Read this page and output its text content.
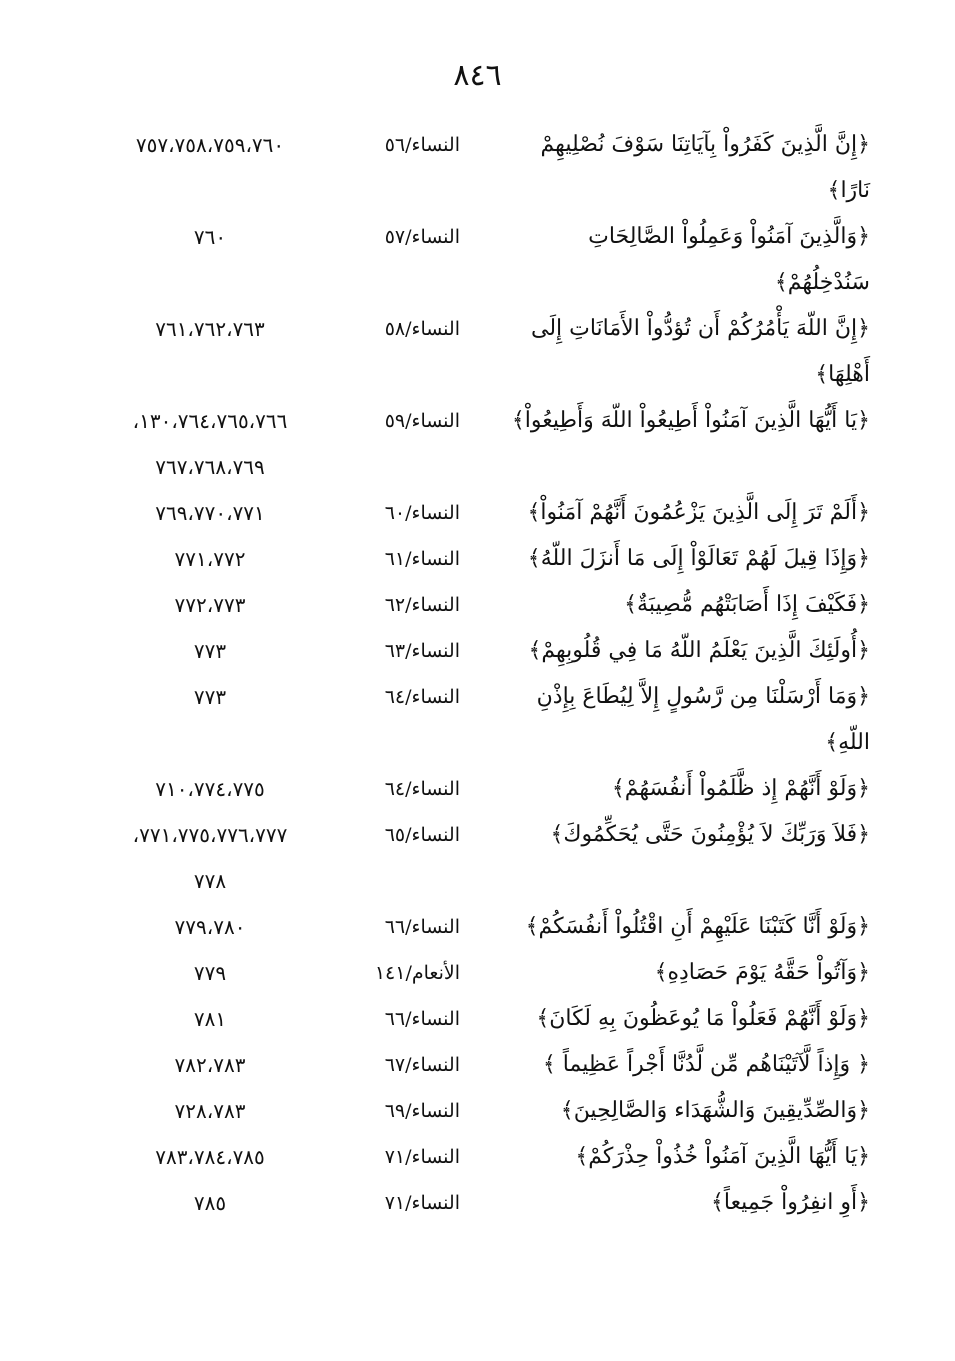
٨٤٦
﴿إِنَّ الَّذِينَ كَفَرُواْ بِآيَاتِنَا سَوْفَ نُصْلِيهِمْ
النساء/٥٦
٧٥٧،٧٥٨،٧٥٩،٧٦٠
نَارًا﴾
﴿وَالَّذِينَ آمَنُواْ وَعَمِلُواْ الصَّالِحَاتِ
النساء/٥٧
٧٦٠
سَنُدْخِلُهُمْ﴾
﴿إِنَّ اللّهَ يَأْمُرُكُمْ أَن تُؤدُّواْ الأَمَانَاتِ إِلَى
النساء/٥٨
٧٦١،٧٦٢،٧٦٣
أَهْلِهَا﴾
﴿يَا أَيُّهَا الَّذِينَ آمَنُواْ أَطِيعُواْ اللّهَ وَأَطِيعُواْ﴾
النساء/٥٩
١٣٠،٧٦٤،٧٦٥،٧٦٦،
٧٦٧،٧٦٨،٧٦٩
﴿أَلَمْ تَرَ إِلَى الَّذِينَ يَزْعُمُونَ أَنَّهُمْ آمَنُواْ﴾
النساء/٦٠
٧٦٩،٧٧٠،٧٧١
﴿وَإِذَا قِيلَ لَهُمْ تَعَالَوْاْ إِلَى مَا أَنزَلَ اللّهُ﴾
النساء/٦١
٧٧١،٧٧٢
﴿فَكَيْفَ إِذَا أَصَابَتْهُم مُّصِيبَةٌ﴾
النساء/٦٢
٧٧٢،٧٧٣
﴿أُولَئِكَ الَّذِينَ يَعْلَمُ اللّهُ مَا فِي قُلُوبِهِمْ﴾
النساء/٦٣
٧٧٣
﴿وَمَا أَرْسَلْنَا مِن رَّسُولٍ إِلاَّ لِيُطَاعَ بِإِذْنِ
النساء/٦٤
٧٧٣
اللّهِ﴾
﴿وَلَوْ أَنَّهُمْ إِذ ظَّلَمُواْ أَنفُسَهُمْ﴾
النساء/٦٤
٧١٠،٧٧٤،٧٧٥
﴿فَلاَ وَرَبِّكَ لاَ يُؤْمِنُونَ حَتَّى يُحَكِّمُوكَ﴾
النساء/٦٥
٧٧١،٧٧٥،٧٧٦،٧٧٧،
٧٧٨
﴿وَلَوْ أَنَّا كَتَبْنَا عَلَيْهِمْ أَنِ اقْتُلُواْ أَنفُسَكُمْ﴾
النساء/٦٦
٧٧٩،٧٨٠
﴿وَآتُواْ حَقَّهُ يَوْمَ حَصَادِهِ﴾
الأنعام/١٤١
٧٧٩
﴿وَلَوْ أَنَّهُمْ فَعَلُواْ مَا يُوعَظُونَ بِهِ لَكَانَ﴾
النساء/٦٦
٧٨١
﴿ وَإِذاً لَّآتَيْنَاهُم مِّن لَّدُنَّا أَجْراً عَظِيماً ﴾
النساء/٦٧
٧٨٢،٧٨٣
﴿وَالصِّدِّيقِينَ وَالشُّهَدَاء وَالصَّالِحِينَ﴾
النساء/٦٩
٧٢٨،٧٨٣
﴿يَا أَيُّهَا الَّذِينَ آمَنُواْ خُذُواْ حِذْرَكُمْ﴾
النساء/٧١
٧٨٣،٧٨٤،٧٨٥
﴿أَوِ انفِرُواْ جَمِيعاً﴾
النساء/٧١
٧٨٥
